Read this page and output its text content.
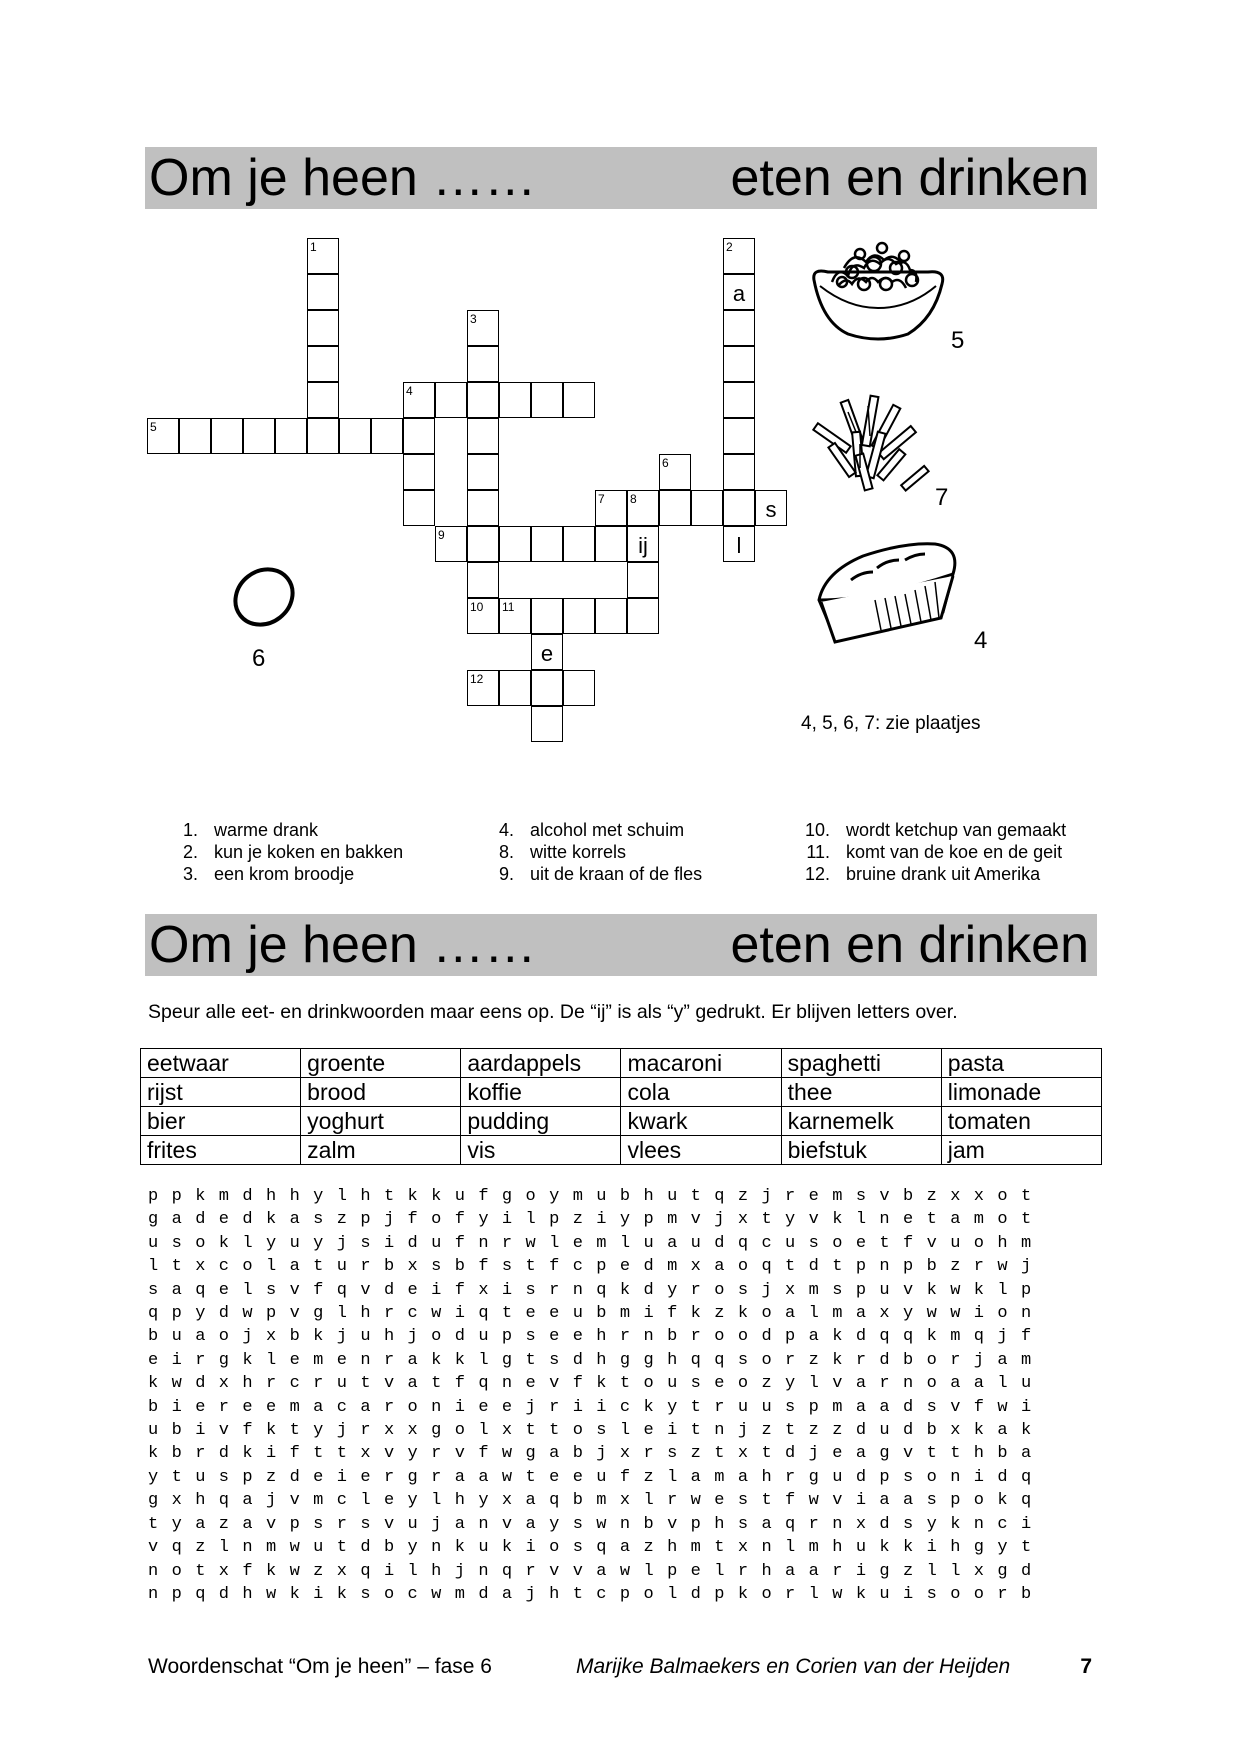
Om je heen ……	eten en drinken
1	2
a
l
3
10
12
4
5
6
7 8	s
9	ij
11
e
5
7
4
6
4, 5, 6, 7: zie plaatjes
1. warme drank
2. kun je koken en bakken
3. een krom broodje
4. alcohol met schuim
8. witte korrels
9. uit de kraan of de fles
10. wordt ketchup van gemaakt
11. komt van de koe en de geit
12. bruine drank uit Amerika
Om je heen ……	eten en drinken
Speur alle eet- en drinkwoorden maar eens op. De “ij” is als “y” gedrukt. Er blijven letters over.
eetwaar	groente	aardappels	macaroni	spaghetti	pasta
rijst	brood	koffie	cola	thee	limonade
bier	yoghurt	pudding	kwark	karnemelk	tomaten
frites	zalm	vis	vlees	biefstuk	jam
p p k m d h h y l h t k k u f g o y m u b h u t q z j r e m s v b z x x o t
g a d e d k a s z p j f o f y i l p z i y p m v j x t y v k l n e t a m o t
u s o k l y u y j s i d u f n r w l e m l u a u d q c u s o e t f v u o h m
l t x c o l a t u r b x s b f s t f c p e d m x a o q t d t p n p b z r w j
s a q e l s v f q v d e i f x i s r n q k d y r o s j x m s p u v k w k l p
q p y d w p v g l h r c w i q t e e u b m i f k z k o a l m a x y w w i o n
b u a o j x b k j u h j o d u p s e e h r n b r o o d p a k d q q k m q j f
e i r g k l e m e n r a k k l g t s d h g g h q q s o r z k r d b o r j a m
k w d x h r c r u t v a t f q n e v f k t o u s e o z y l v a r n o a a l u
b i e r e e m a c a r o n i e e j r i i c k y t r u u s p m a a d s v f w i
u b i v f k t y j r x x g o l x t t o s l e i t n j z t z z d u d b x k a k
k b r d k i f t t x v y r v f w g a b j x r s z t x t d j e a g v t t h b a
y t u s p z d e i e r g r a a w t e e u f z l a m a h r g u d p s o n i d q
g x h q a j v m c l e y l h y x a q b m x l r w e s t f w v i a a s p o k q
t y a z a v p s r s v u j a n v a y s w n b v p h s a q r n x d s y k n c i
v q z l n m w u t d b y n k u k i o s q a z h m t x n l m h u k k i h g y t
n o t x f k w z x q i l h j n q r v v a w l p e l r h a a r i g z l l x g d
n p q d h w k i k s o c w m d a j h t c p o l d p k o r l w k u i s o o r b
Woordenschat “Om je heen” – fase 6	Marijke Balmaekers en Corien van der Heijden	7
